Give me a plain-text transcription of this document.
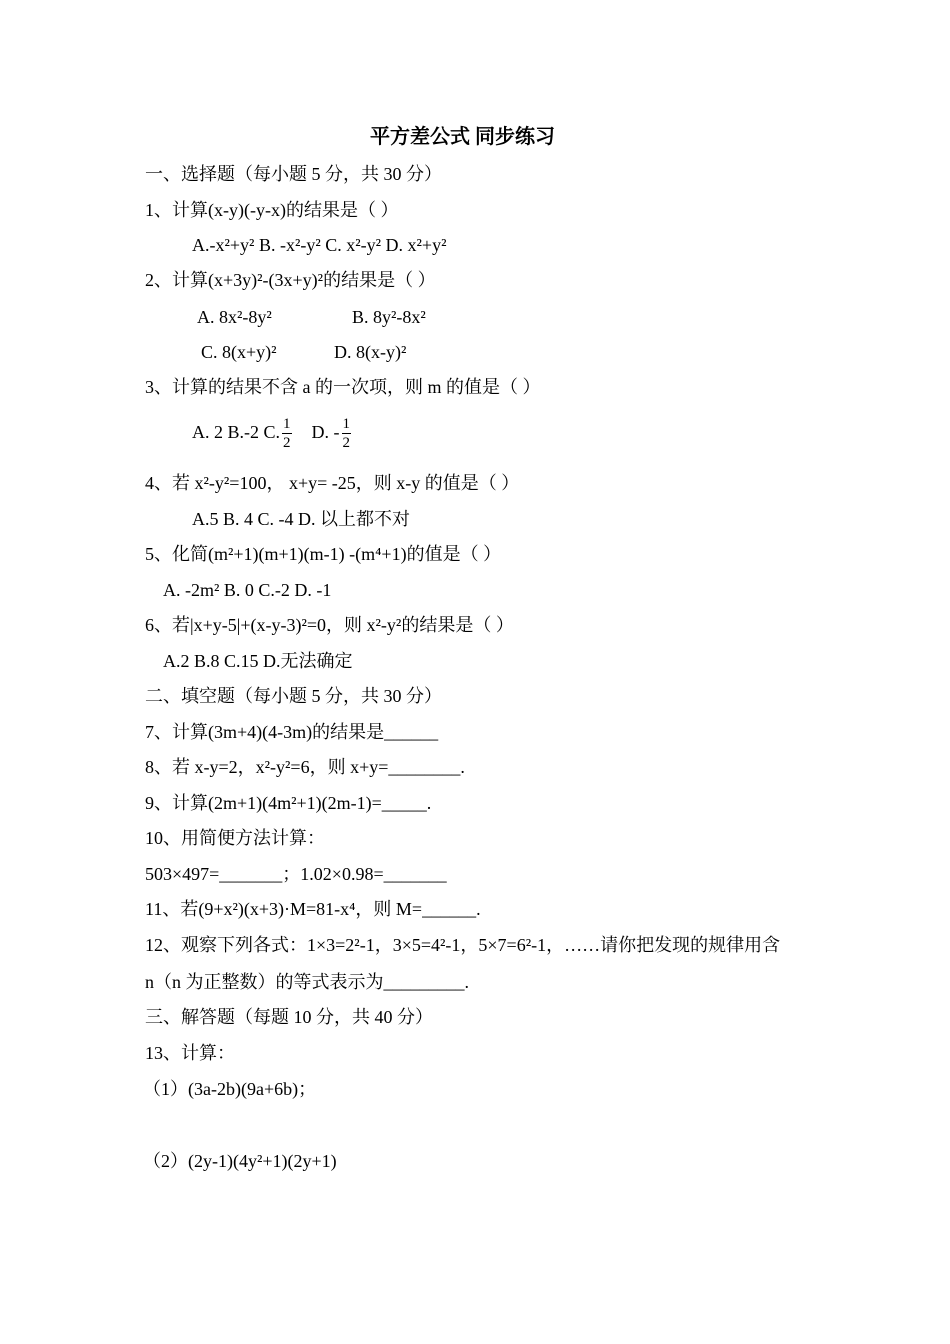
平方差公式 同步练习
一、选择题（每小题 5 分，共 30 分）
1、计算(x-y)(-y-x)的结果是（ ）
A.-x²+y² B. -x²-y² C. x²-y² D. x²+y²
2、计算(x+3y)²-(3x+y)²的结果是（ ）
A. 8x²-8y²	B. 8y²-8x²
C. 8(x+y)²	D. 8(x-y)²
3、计算的结果不含 a 的一次项，则 m 的值是（ ）
A. 2 B.-2 C. $\frac{1}{2} D$. - $\frac{1}{2}$
4、若 x²-y²=100， x+y= -25，则 x-y 的值是（ ）
A.5 B. 4 C. -4 D. 以上都不对
5、化简(m²+1)(m+1)(m-1) -(m⁴+1)的值是（ ）
A. -2m² B. 0 C.-2 D. -1
6、若|x+y-5|+(x-y-3)²=0，则 x²-y²的结果是（ ）
A.2 B.8 C.15 D.无法确定
二、填空题（每小题 5 分，共 30 分）
7、计算(3m+4)(4-3m)的结果是______
8、若 x-y=2，x²-y²=6，则 x+y=________.
9、计算(2m+1)(4m²+1)(2m-1)=_____.
10、用简便方法计算：
503×497=_______；1.02×0.98=_______
11、若(9+x²)(x+3)·M=81-x⁴，则 M=______.
12、观察下列各式：1×3=2²-1，3×5=4²-1，5×7=6²-1，……请你把发现的规律用含
n（n 为正整数）的等式表示为_________.
三、解答题（每题 10 分，共 40 分）
13、计算：
（1）(3a-2b)(9a+6b)；
（2）(2y-1)(4y²+1)(2y+1)
